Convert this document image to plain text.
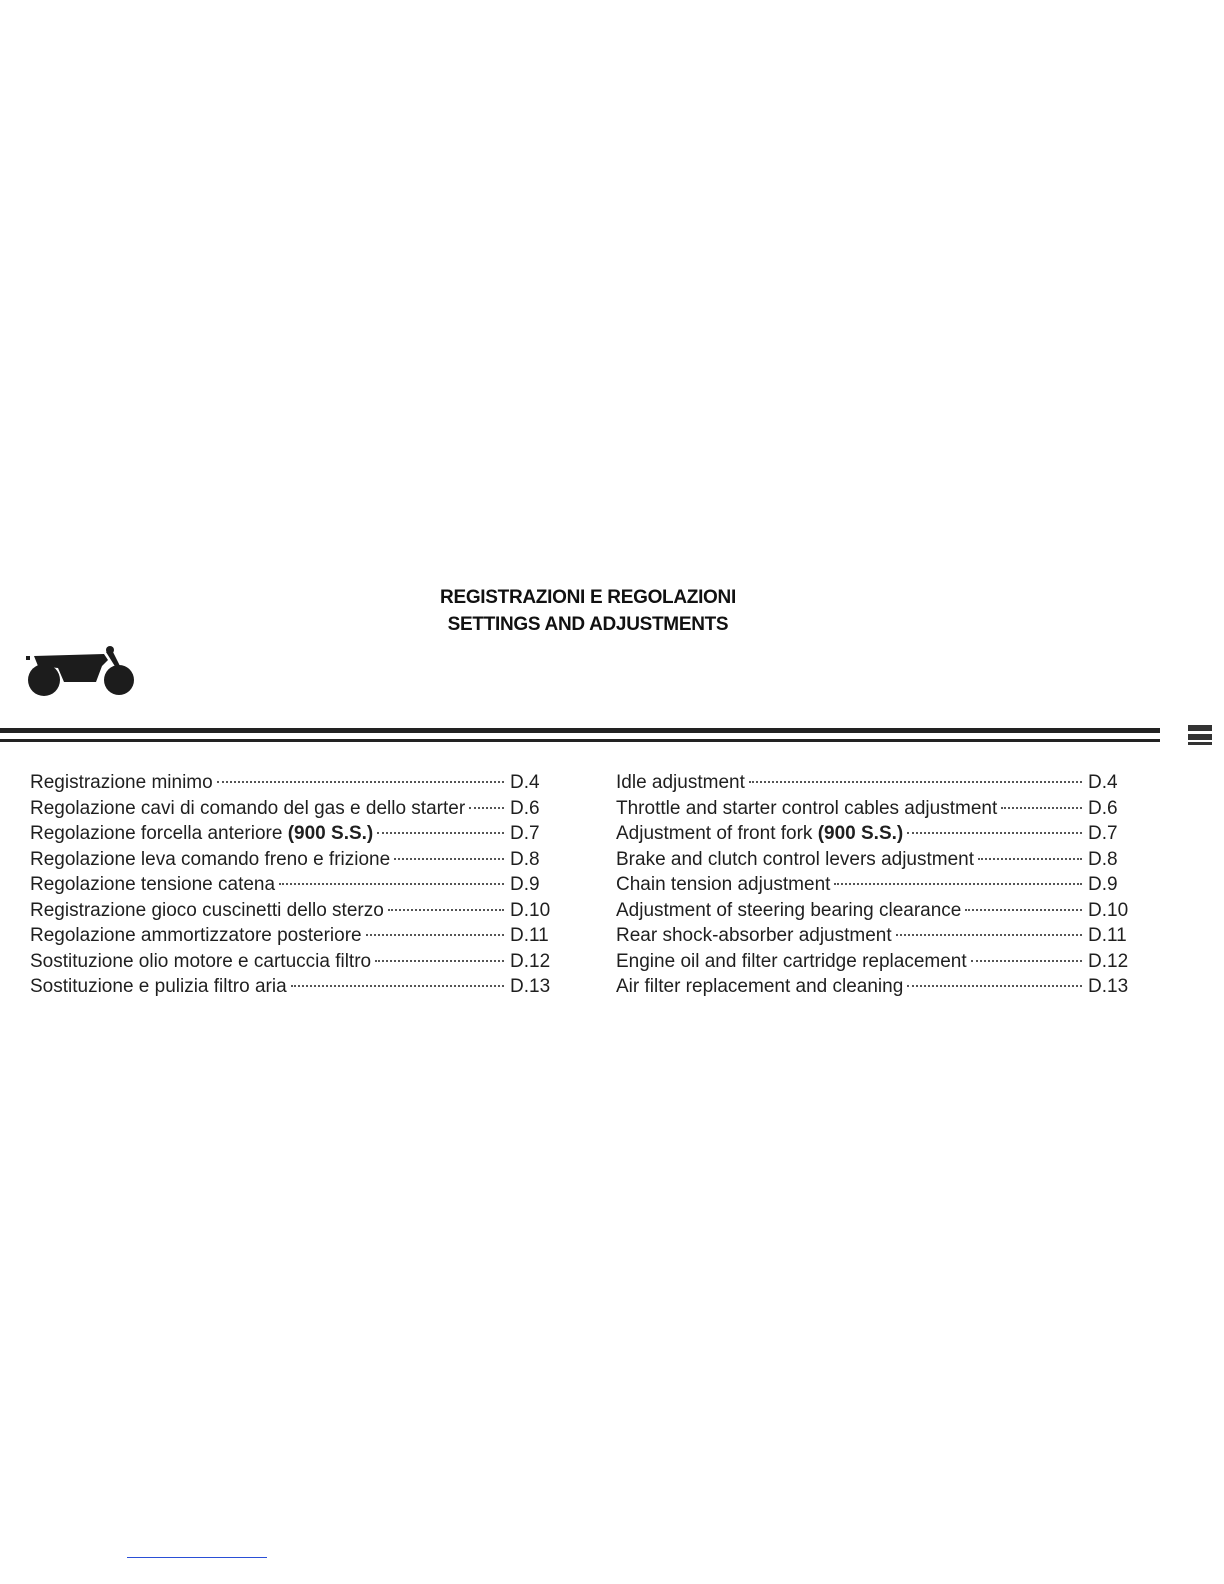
REGISTRAZIONI E REGOLAZIONI
SETTINGS AND ADJUSTMENTS
Registrazione minimo	D.4
Regolazione cavi di comando del gas e dello starter D.6
Regolazione forcella anteriore (900 S.S.)	D.7
Regolazione leva comando freno e frizione	D.8
Regolazione tensione catena	D.9
Registrazione gioco cuscinetti dello sterzo	D.10
Regolazione ammortizzatore posteriore	D.11
Sostituzione olio motore e cartuccia filtro	D.12
Sostituzione e pulizia filtro aria	D.13
Idle adjustment	D.4
Throttle and starter control cables adjustment	D.6
Adjustment of front fork (900 S.S.)	D.7
Brake and clutch control levers adjustment	D.8
Chain tension adjustment	D.9
Adjustment of steering bearing clearance	D.10
Rear shock-absorber adjustment	D.11
Engine oil and filter cartridge replacement	D.12
Air filter replacement and cleaning	D.13
